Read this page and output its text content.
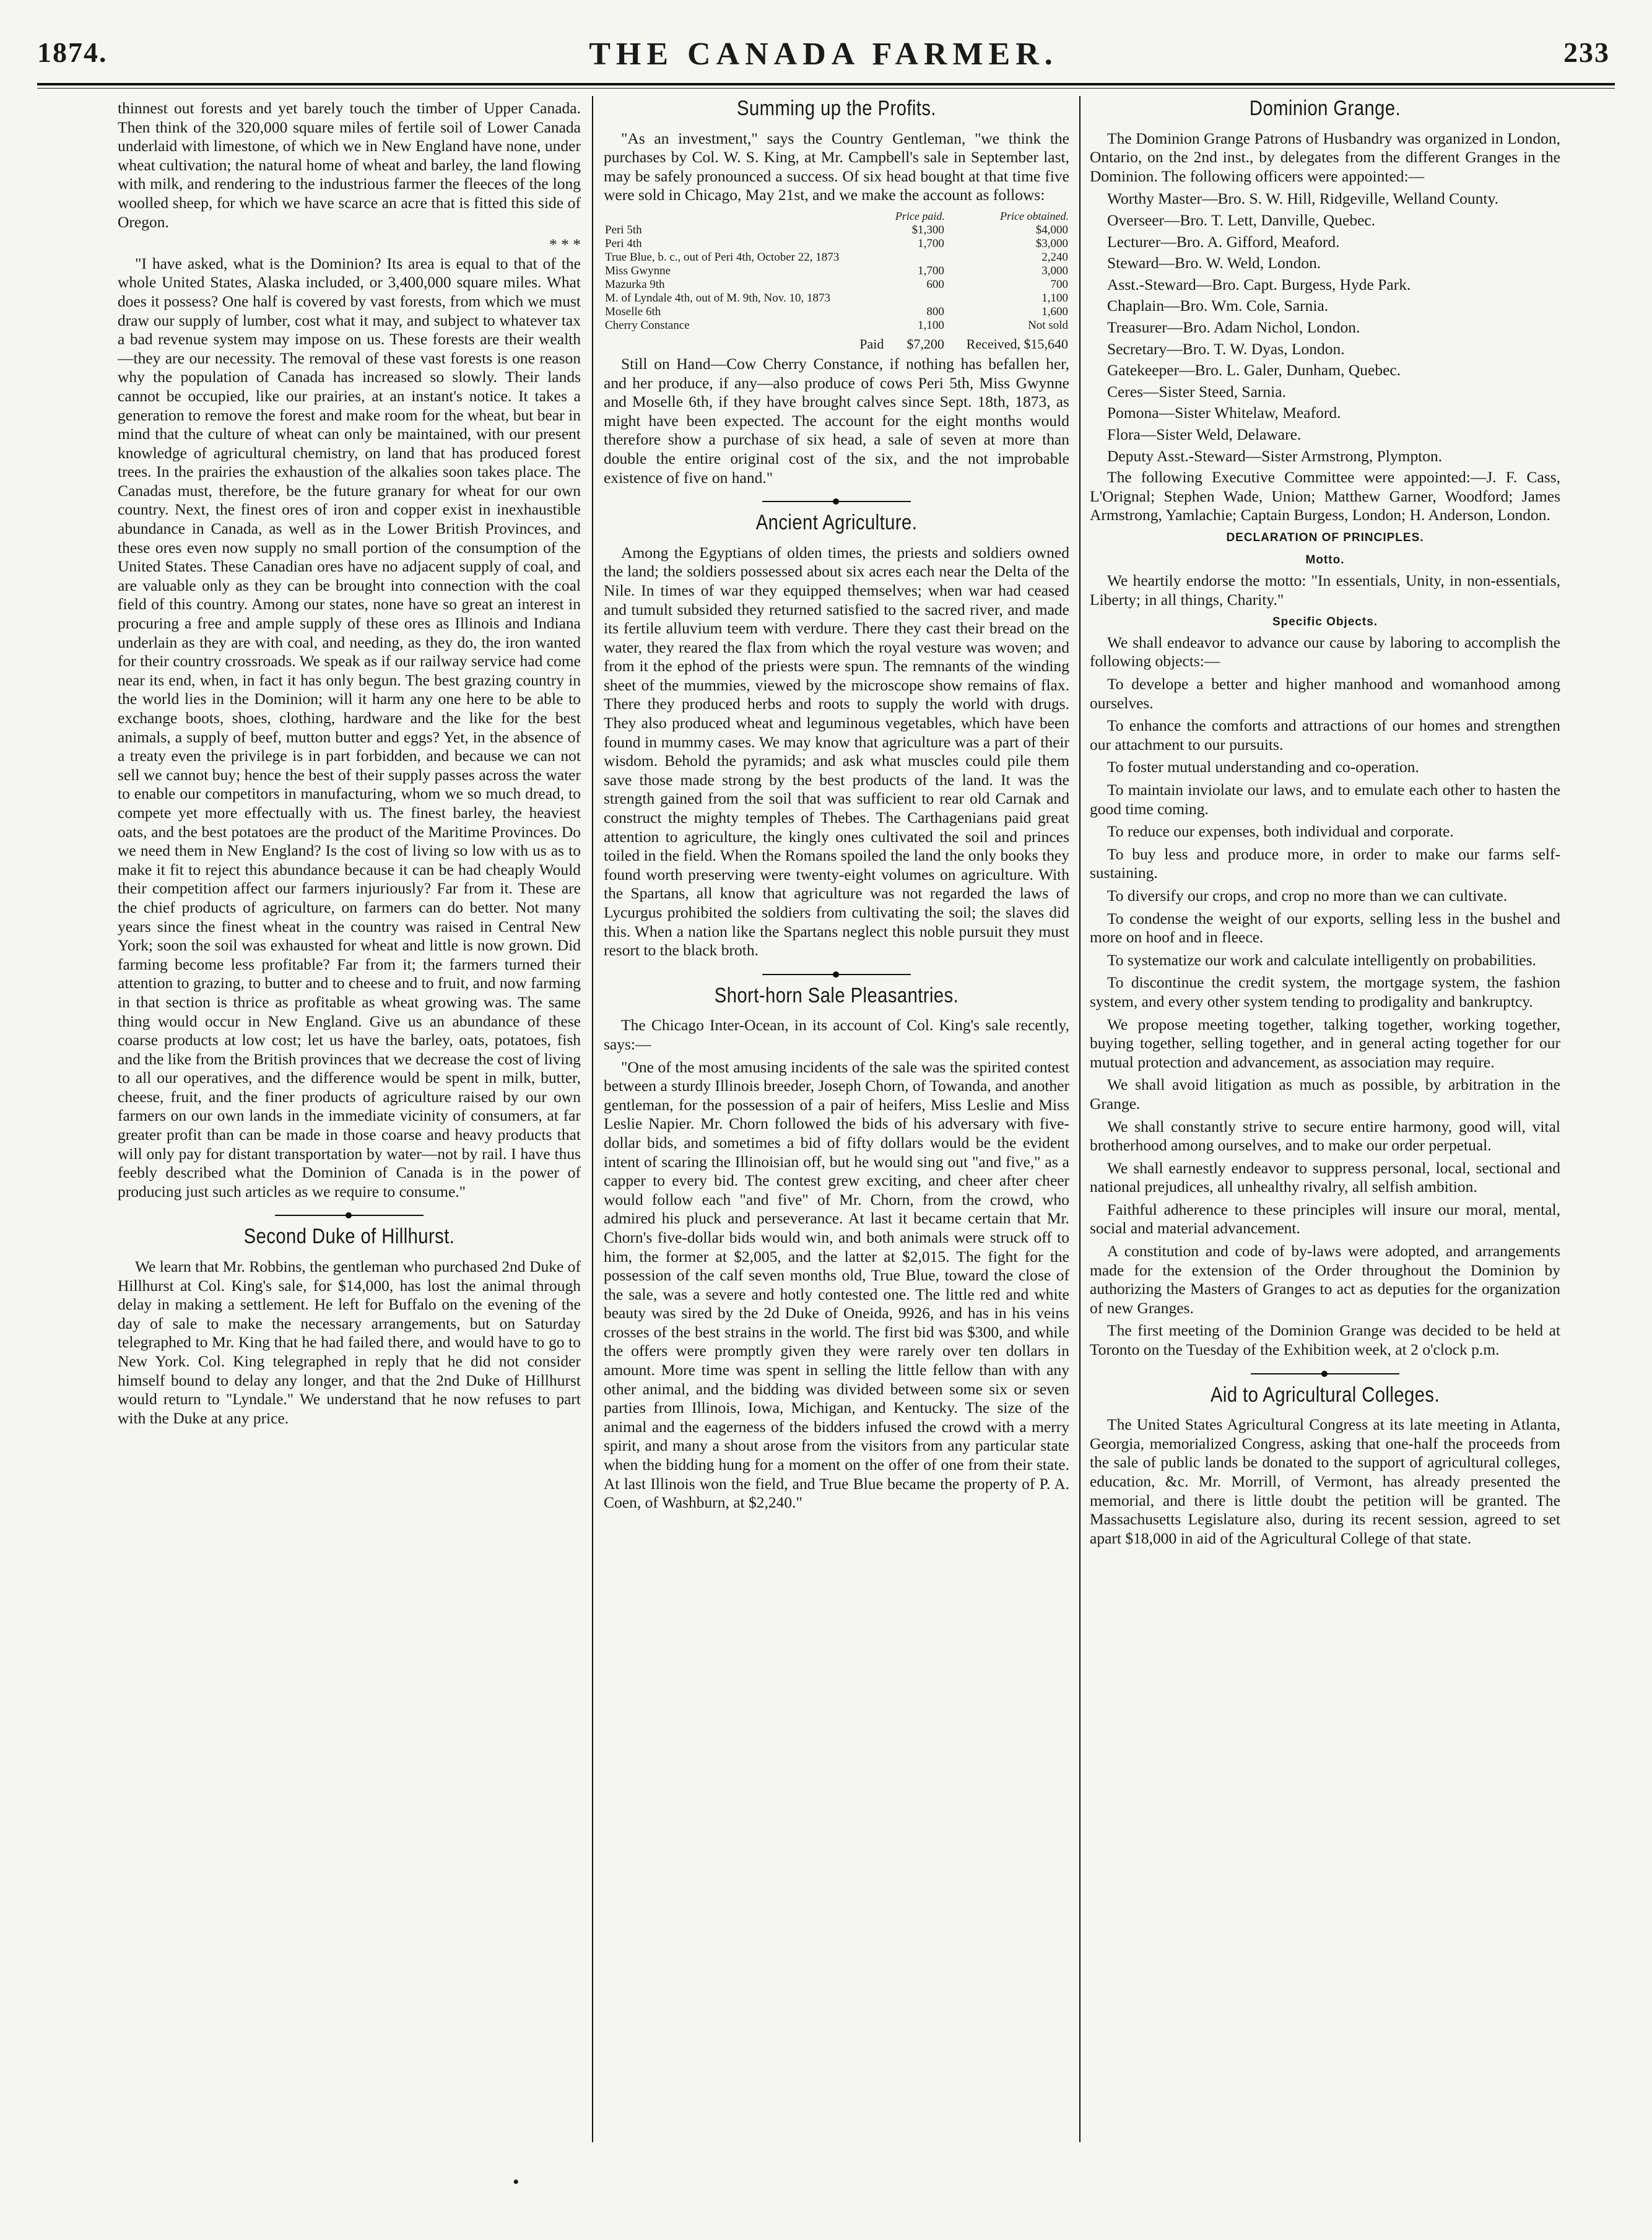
1874.	THE CANADA FARMER.	233

thinnest out forests and yet barely touch the timber of Upper Canada. Then think of the 320,000 square miles of fertile soil of Lower Canada underlaid with limestone, of which we in New England have none, under wheat cultivation; the natural home of wheat and barley, the land flowing with milk, and rendering to the industrious farmer the fleeces of the long woolled sheep, for which we have scarce an acre that is fitted this side of Oregon.

* * *

"I have asked, what is the Dominion? Its area is equal to that of the whole United States, Alaska included, or 3,400,000 square miles. What does it possess? One half is covered by vast forests, from which we must draw our supply of lumber, cost what it may, and subject to whatever tax a bad revenue system may impose on us. These forests are their wealth—they are our necessity. The removal of these vast forests is one reason why the population of Canada has increased so slowly. Their lands cannot be occupied, like our prairies, at an instant's notice. It takes a generation to remove the forest and make room for the wheat, but bear in mind that the culture of wheat can only be maintained, with our present knowledge of agricultural chemistry, on land that has produced forest trees. In the prairies the exhaustion of the alkalies soon takes place. The Canadas must, therefore, be the future granary for wheat for our own country. Next, the finest ores of iron and copper exist in inexhaustible abundance in Canada, as well as in the Lower British Provinces, and these ores even now supply no small portion of the consumption of the United States. These Canadian ores have no adjacent supply of coal, and are valuable only as they can be brought into connection with the coal field of this country. Among our states, none have so great an interest in procuring a free and ample supply of these ores as Illinois and Indiana underlain as they are with coal, and needing, as they do, the iron wanted for their country crossroads. We speak as if our railway service had come near its end, when, in fact it has only begun. The best grazing country in the world lies in the Dominion; will it harm any one here to be able to exchange boots, shoes, clothing, hardware and the like for the best animals, a supply of beef, mutton butter and eggs? Yet, in the absence of a treaty even the privilege is in part forbidden, and because we can not sell we cannot buy; hence the best of their supply passes across the water to enable our competitors in manufacturing, whom we so much dread, to compete yet more effectually with us. The finest barley, the heaviest oats, and the best potatoes are the product of the Maritime Provinces. Do we need them in New England? Is the cost of living so low with us as to make it fit to reject this abundance because it can be had cheaply Would their competition affect our farmers injuriously? Far from it. These are the chief products of agriculture, on farmers can do better. Not many years since the finest wheat in the country was raised in Central New York; soon the soil was exhausted for wheat and little is now grown. Did farming become less profitable? Far from it; the farmers turned their attention to grazing, to butter and to cheese and to fruit, and now farming in that section is thrice as profitable as wheat growing was. The same thing would occur in New England. Give us an abundance of these coarse products at low cost; let us have the barley, oats, potatoes, fish and the like from the British provinces that we decrease the cost of living to all our operatives, and the difference would be spent in milk, butter, cheese, fruit, and the finer products of agriculture raised by our own farmers on our own lands in the immediate vicinity of consumers, at far greater profit than can be made in those coarse and heavy products that will only pay for distant transportation by water—not by rail. I have thus feebly described what the Dominion of Canada is in the power of producing just such articles as we require to consume."

Second Duke of Hillhurst.

We learn that Mr. Robbins, the gentleman who purchased 2nd Duke of Hillhurst at Col. King's sale, for $14,000, has lost the animal through delay in making a settlement. He left for Buffalo on the evening of the day of sale to make the necessary arrangements, but on Saturday telegraphed to Mr. King that he had failed there, and would have to go to New York. Col. King telegraphed in reply that he did not consider himself bound to delay any longer, and that the 2nd Duke of Hillhurst would return to "Lyndale." We understand that he now refuses to part with the Duke at any price.

Summing up the Profits.

"As an investment," says the Country Gentleman, "we think the purchases by Col. W. S. King, at Mr. Campbell's sale in September last, may be safely pronounced a success. Of six head bought at that time five were sold in Chicago, May 21st, and we make the account as follows:

	Price paid.	Price obtained.
Peri 5th	$1,300	$4,000
Peri 4th	1,700	$3,000
True Blue, b. c., out of Peri 4th, October 22, 1873		2,240
Miss Gwynne	1,700	3,000
Mazurka 9th	600	700
M. of Lyndale 4th, out of M. 9th, Nov. 10, 1873		1,100
Moselle 6th	800	1,600
Cherry Constance	1,100	Not sold
Paid	$7,200	Received, $15,640

Still on Hand—Cow Cherry Constance, if nothing has befallen her, and her produce, if any—also produce of cows Peri 5th, Miss Gwynne and Moselle 6th, if they have brought calves since Sept. 18th, 1873, as might have been expected. The account for the eight months would therefore show a purchase of six head, a sale of seven at more than double the entire original cost of the six, and the not improbable existence of five on hand."

Ancient Agriculture.

Among the Egyptians of olden times, the priests and soldiers owned the land; the soldiers possessed about six acres each near the Delta of the Nile. In times of war they equipped themselves; when war had ceased and tumult subsided they returned satisfied to the sacred river, and made its fertile alluvium teem with verdure. There they cast their bread on the water, they reared the flax from which the royal vesture was woven; and from it the ephod of the priests were spun. The remnants of the winding sheet of the mummies, viewed by the microscope show remains of flax. There they produced herbs and roots to supply the world with drugs. They also produced wheat and leguminous vegetables, which have been found in mummy cases. We may know that agriculture was a part of their wisdom. Behold the pyramids; and ask what muscles could pile them save those made strong by the best products of the land. It was the strength gained from the soil that was sufficient to rear old Carnak and construct the mighty temples of Thebes. The Carthagenians paid great attention to agriculture, the kingly ones cultivated the soil and princes toiled in the field. When the Romans spoiled the land the only books they found worth preserving were twenty-eight volumes on agriculture. With the Spartans, all know that agriculture was not regarded the laws of Lycurgus prohibited the soldiers from cultivating the soil; the slaves did this. When a nation like the Spartans neglect this noble pursuit they must resort to the black broth.

Short-horn Sale Pleasantries.

The Chicago Inter-Ocean, in its account of Col. King's sale recently, says:—

"One of the most amusing incidents of the sale was the spirited contest between a sturdy Illinois breeder, Joseph Chorn, of Towanda, and another gentleman, for the possession of a pair of heifers, Miss Leslie and Miss Leslie Napier. Mr. Chorn followed the bids of his adversary with five-dollar bids, and sometimes a bid of fifty dollars would be the evident intent of scaring the Illinoisian off, but he would sing out "and five," as a capper to every bid. The contest grew exciting, and cheer after cheer would follow each "and five" of Mr. Chorn, from the crowd, who admired his pluck and perseverance. At last it became certain that Mr. Chorn's five-dollar bids would win, and both animals were struck off to him, the former at $2,005, and the latter at $2,015. The fight for the possession of the calf seven months old, True Blue, toward the close of the sale, was a severe and hotly contested one. The little red and white beauty was sired by the 2d Duke of Oneida, 9926, and has in his veins crosses of the best strains in the world. The first bid was $300, and while the offers were promptly given they were rarely over ten dollars in amount. More time was spent in selling the little fellow than with any other animal, and the bidding was divided between some six or seven parties from Illinois, Iowa, Michigan, and Kentucky. The size of the animal and the eagerness of the bidders infused the crowd with a merry spirit, and many a shout arose from the visitors from any particular state when the bidding hung for a moment on the offer of one from their state. At last Illinois won the field, and True Blue became the property of P. A. Coen, of Washburn, at $2,240."

Dominion Grange.

The Dominion Grange Patrons of Husbandry was organized in London, Ontario, on the 2nd inst., by delegates from the different Granges in the Dominion. The following officers were appointed:—

Worthy Master—Bro. S. W. Hill, Ridgeville, Welland County.

Overseer—Bro. T. Lett, Danville, Quebec.

Lecturer—Bro. A. Gifford, Meaford.

Steward—Bro. W. Weld, London.

Asst.-Steward—Bro. Capt. Burgess, Hyde Park.

Chaplain—Bro. Wm. Cole, Sarnia.

Treasurer—Bro. Adam Nichol, London.

Secretary—Bro. T. W. Dyas, London.

Gatekeeper—Bro. L. Galer, Dunham, Quebec.

Ceres—Sister Steed, Sarnia.

Pomona—Sister Whitelaw, Meaford.

Flora—Sister Weld, Delaware.

Deputy Asst.-Steward—Sister Armstrong, Plympton.

The following Executive Committee were appointed:—J. F. Cass, L'Orignal; Stephen Wade, Union; Matthew Garner, Woodford; James Armstrong, Yamlachie; Captain Burgess, London; H. Anderson, London.

DECLARATION OF PRINCIPLES.
Motto.

We heartily endorse the motto: "In essentials, Unity, in non-essentials, Liberty; in all things, Charity."

Specific Objects.

We shall endeavor to advance our cause by laboring to accomplish the following objects:—

To develope a better and higher manhood and womanhood among ourselves.

To enhance the comforts and attractions of our homes and strengthen our attachment to our pursuits.

To foster mutual understanding and co-operation.

To maintain inviolate our laws, and to emulate each other to hasten the good time coming.

To reduce our expenses, both individual and corporate.

To buy less and produce more, in order to make our farms self-sustaining.

To diversify our crops, and crop no more than we can cultivate.

To condense the weight of our exports, selling less in the bushel and more on hoof and in fleece.

To systematize our work and calculate intelligently on probabilities.

To discontinue the credit system, the mortgage system, the fashion system, and every other system tending to prodigality and bankruptcy.

We propose meeting together, talking together, working together, buying together, selling together, and in general acting together for our mutual protection and advancement, as association may require.

We shall avoid litigation as much as possible, by arbitration in the Grange.

We shall constantly strive to secure entire harmony, good will, vital brotherhood among ourselves, and to make our order perpetual.

We shall earnestly endeavor to suppress personal, local, sectional and national prejudices, all unhealthy rivalry, all selfish ambition.

Faithful adherence to these principles will insure our moral, mental, social and material advancement.

A constitution and code of by-laws were adopted, and arrangements made for the extension of the Order throughout the Dominion by authorizing the Masters of Granges to act as deputies for the organization of new Granges.

The first meeting of the Dominion Grange was decided to be held at Toronto on the Tuesday of the Exhibition week, at 2 o'clock p.m.

Aid to Agricultural Colleges.

The United States Agricultural Congress at its late meeting in Atlanta, Georgia, memorialized Congress, asking that one-half the proceeds from the sale of public lands be donated to the support of agricultural colleges, education, &c. Mr. Morrill, of Vermont, has already presented the memorial, and there is little doubt the petition will be granted. The Massachusetts Legislature also, during its recent session, agreed to set apart $18,000 in aid of the Agricultural College of that state.

•
